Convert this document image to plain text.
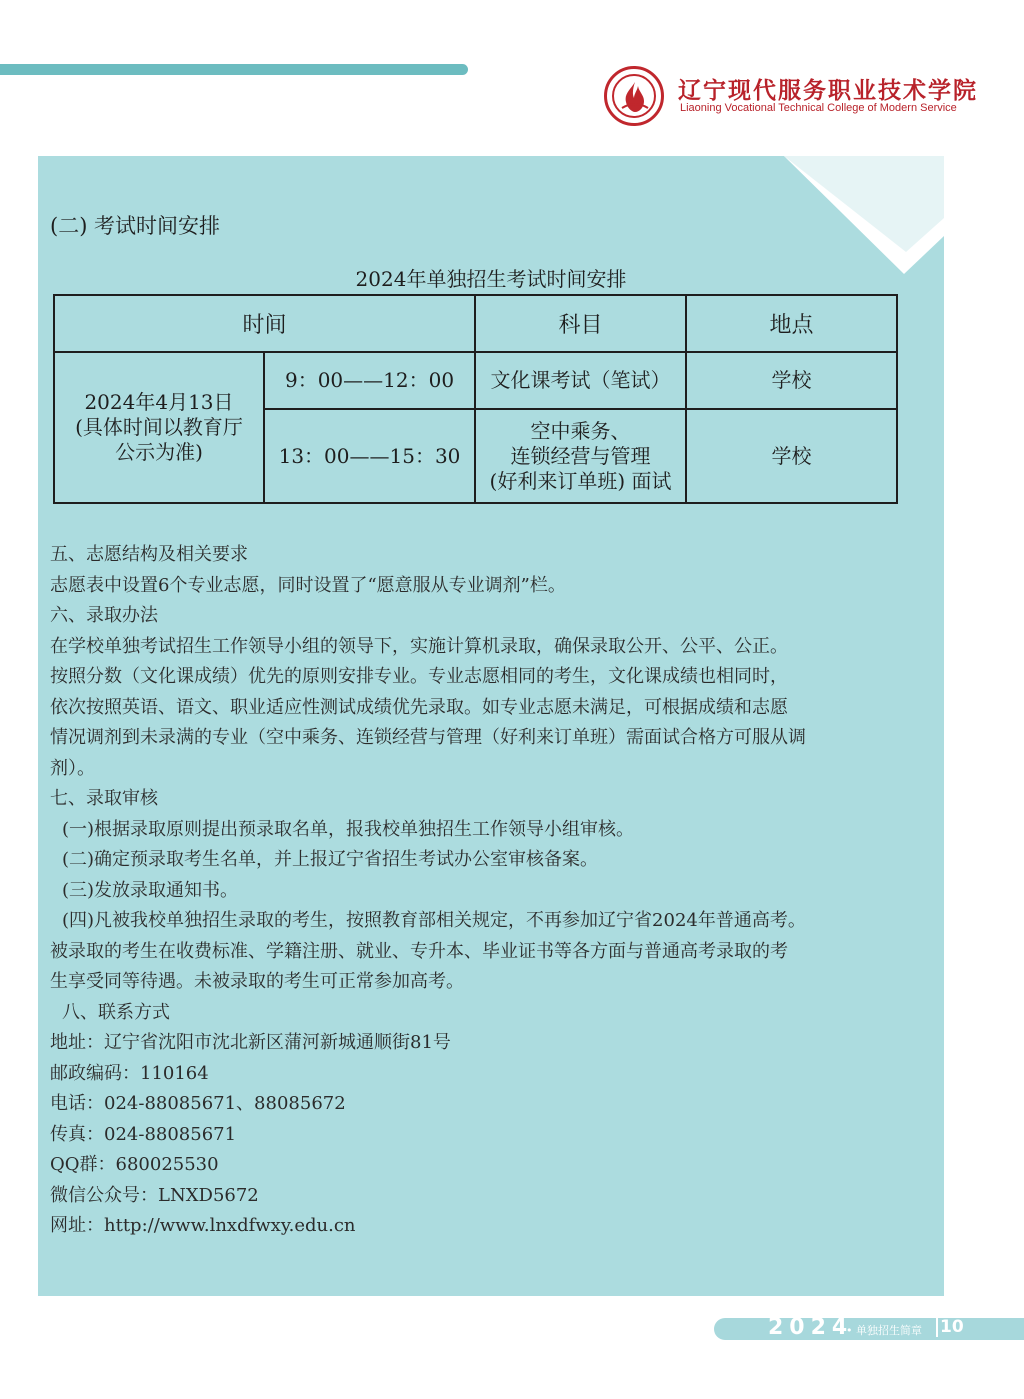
辽宁现代服务职业技术学院
Liaoning Vocational Technical College of Modern Service
(二) 考试时间安排
2024年单独招生考试时间安排
时间		科目	地点

2024年4月13日
(具体时间以教育厅
公示为准)	9：00——12：00	文化课考试（笔试）	学校
	13：00——15：30	空中乘务、
连锁经营与管理
(好利来订单班) 面试	学校

五、志愿结构及相关要求

志愿表中设置6个专业志愿，同时设置了“愿意服从专业调剂”栏。

六、录取办法

在学校单独考试招生工作领导小组的领导下，实施计算机录取，确保录取公开、公平、公正。

按照分数（文化课成绩）优先的原则安排专业。专业志愿相同的考生，文化课成绩也相同时，

依次按照英语、语文、职业适应性测试成绩优先录取。如专业志愿未满足，可根据成绩和志愿

情况调剂到未录满的专业（空中乘务、连锁经营与管理（好利来订单班）需面试合格方可服从调

剂）。

七、录取审核

(一)根据录取原则提出预录取名单，报我校单独招生工作领导小组审核。

(二)确定预录取考生名单，并上报辽宁省招生考试办公室审核备案。

(三)发放录取通知书。

(四)凡被我校单独招生录取的考生，按照教育部相关规定，不再参加辽宁省2024年普通高考。

被录取的考生在收费标准、学籍注册、就业、专升本、毕业证书等各方面与普通高考录取的考

生享受同等待遇。未被录取的考生可正常参加高考。

八、联系方式

地址：辽宁省沈阳市沈北新区蒲河新城通顺街81号

邮政编码：110164

电话：024-88085671、88085672

传真：024-88085671

QQ群：680025530

微信公众号：LNXD5672

网址：http://www.lnxdfwxy.edu.cn

2024
• 单独招生简章 10
